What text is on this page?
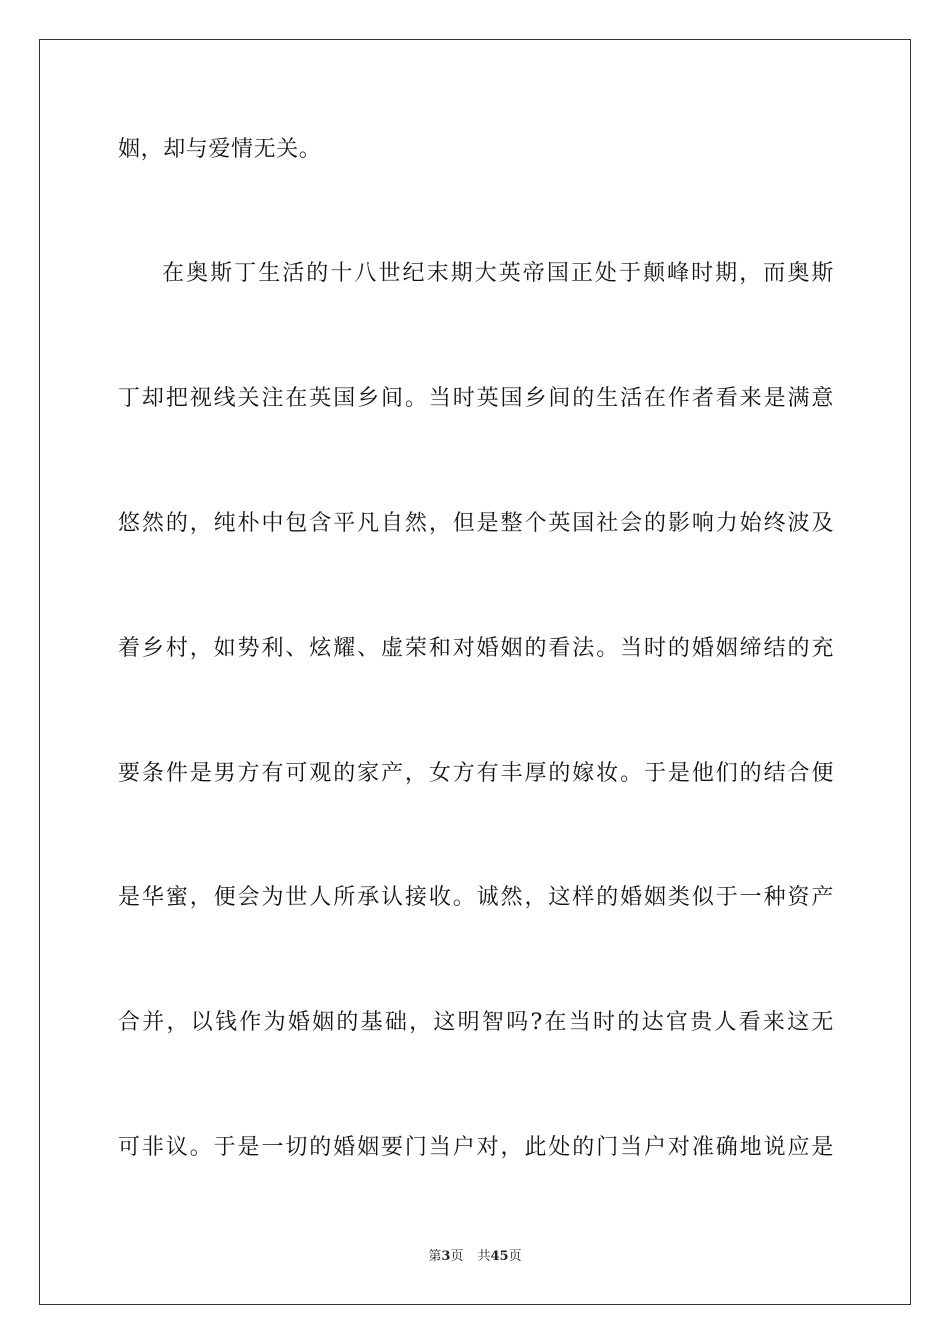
姻，却与爱情无关。
在奥斯丁生活的十八世纪末期大英帝国正处于颠峰时期，而奥斯
丁却把视线关注在英国乡间。当时英国乡间的生活在作者看来是满意
悠然的，纯朴中包含平凡自然，但是整个英国社会的影响力始终波及
着乡村，如势利、炫耀、虚荣和对婚姻的看法。当时的婚姻缔结的充
要条件是男方有可观的家产，女方有丰厚的嫁妆。于是他们的结合便
是华蜜，便会为世人所承认接收。诚然，这样的婚姻类似于一种资产
合并，以钱作为婚姻的基础，这明智吗?在当时的达官贵人看来这无
可非议。于是一切的婚姻要门当户对，此处的门当户对准确地说应是
第3页 共45页
